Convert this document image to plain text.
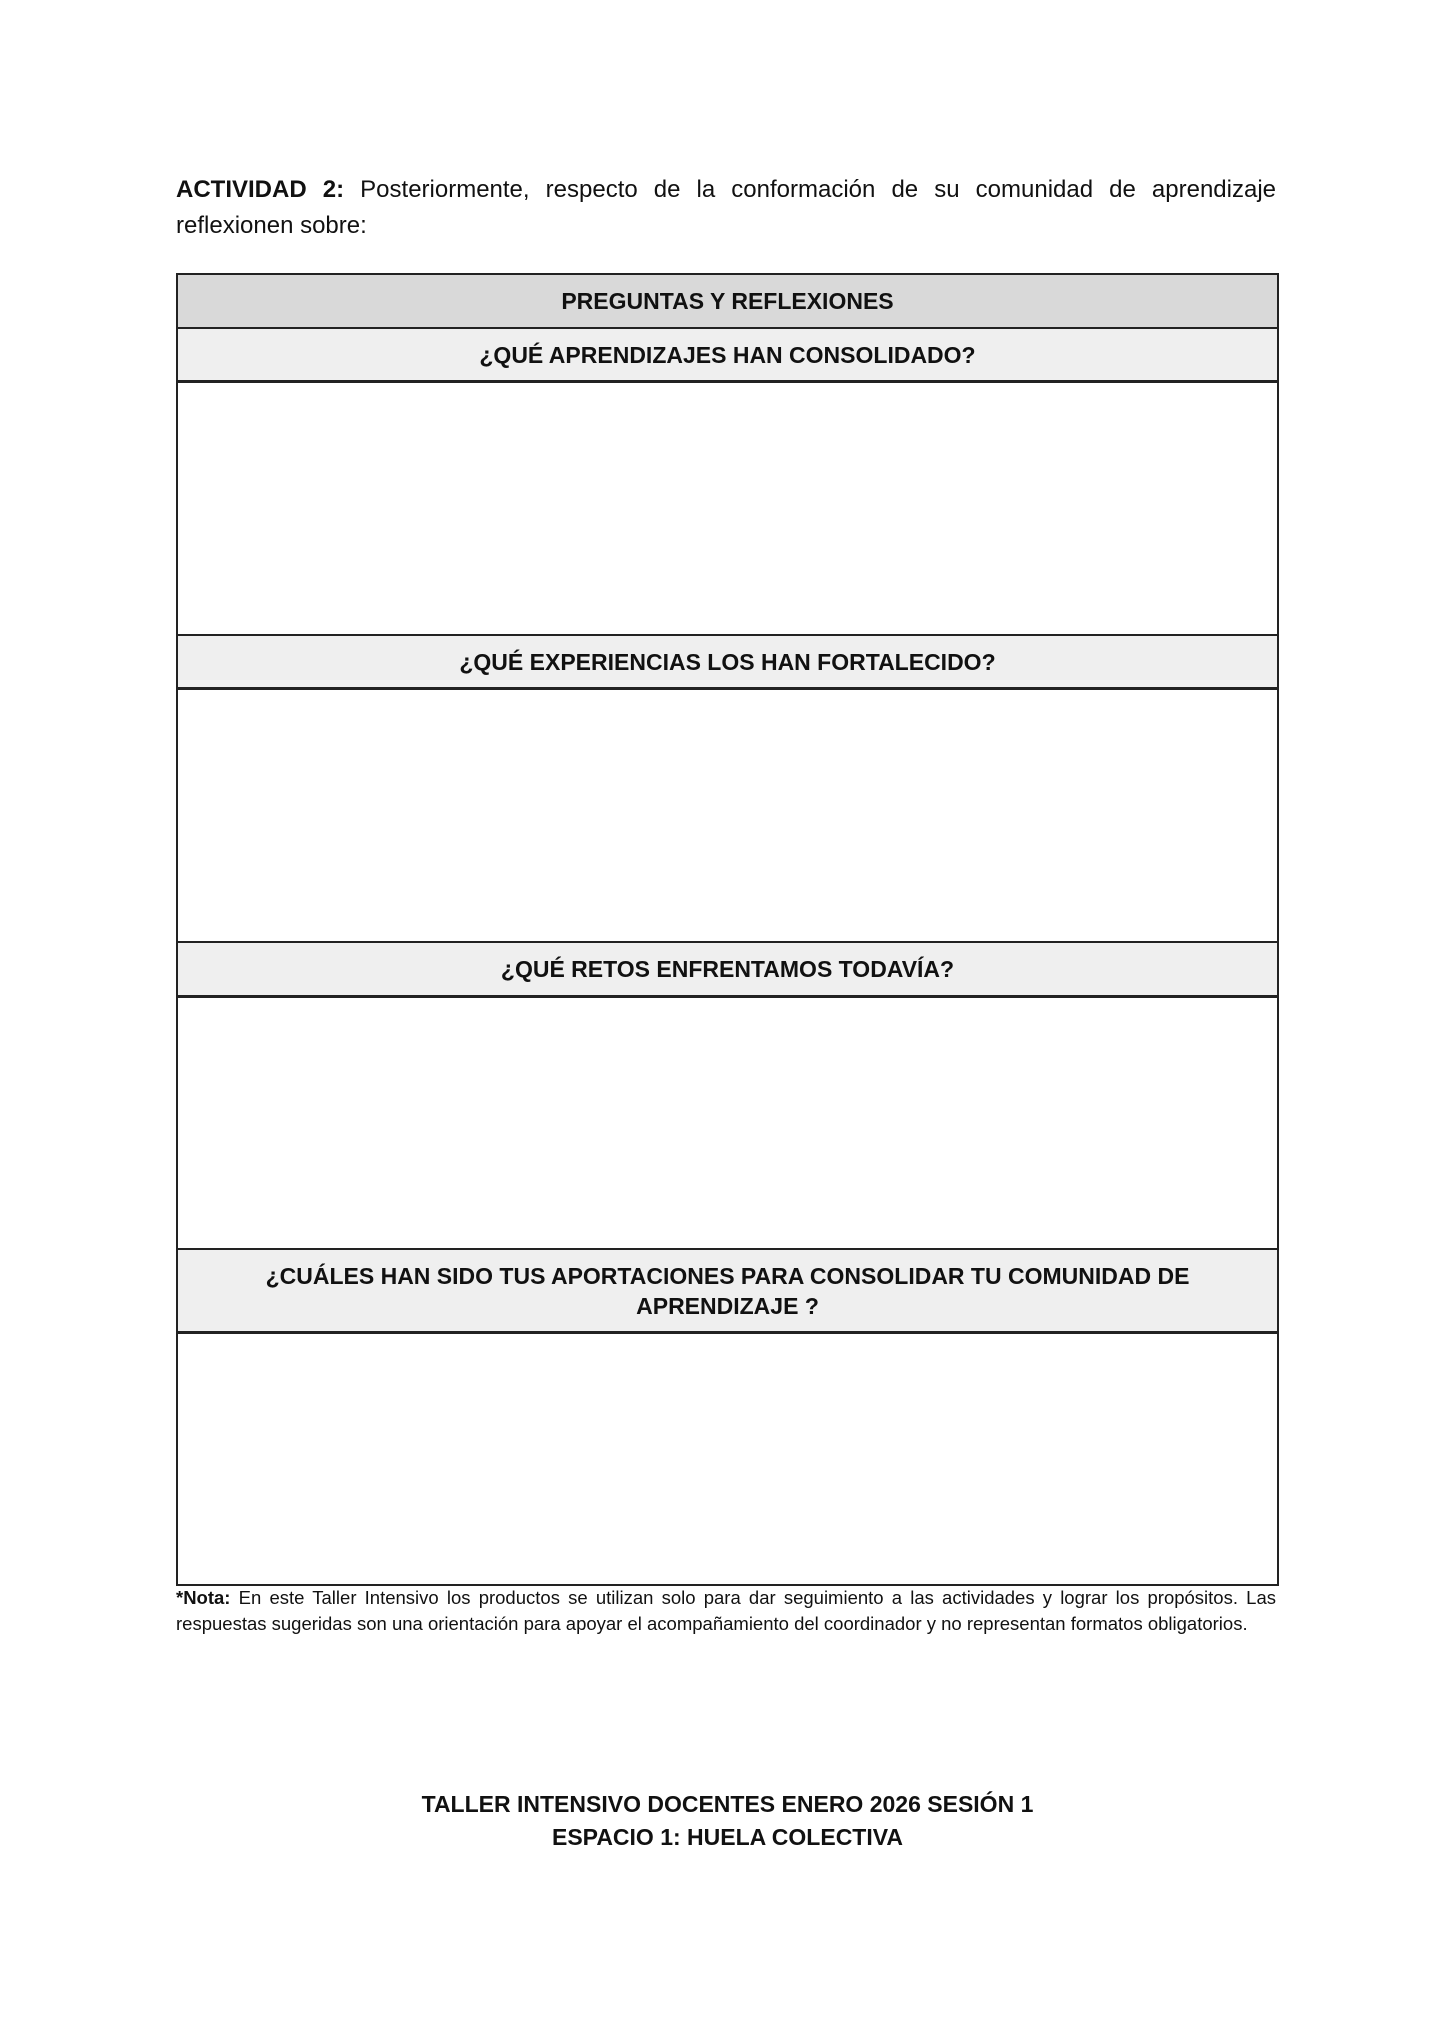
ACTIVIDAD 2: Posteriormente, respecto de la conformación de su comunidad de aprendizaje reflexionen sobre:
PREGUNTAS Y REFLEXIONES
¿QUÉ APRENDIZAJES HAN CONSOLIDADO?
¿QUÉ EXPERIENCIAS LOS HAN FORTALECIDO?
¿QUÉ RETOS ENFRENTAMOS TODAVÍA?
¿CUÁLES HAN SIDO TUS APORTACIONES PARA CONSOLIDAR TU COMUNIDAD DE APRENDIZAJE ?
*Nota: En este Taller Intensivo los productos se utilizan solo para dar seguimiento a las actividades y lograr los propósitos. Las respuestas sugeridas son una orientación para apoyar el acompañamiento del coordinador y no representan formatos obligatorios.
TALLER INTENSIVO DOCENTES ENERO 2026 SESIÓN 1
ESPACIO 1: HUELA COLECTIVA
